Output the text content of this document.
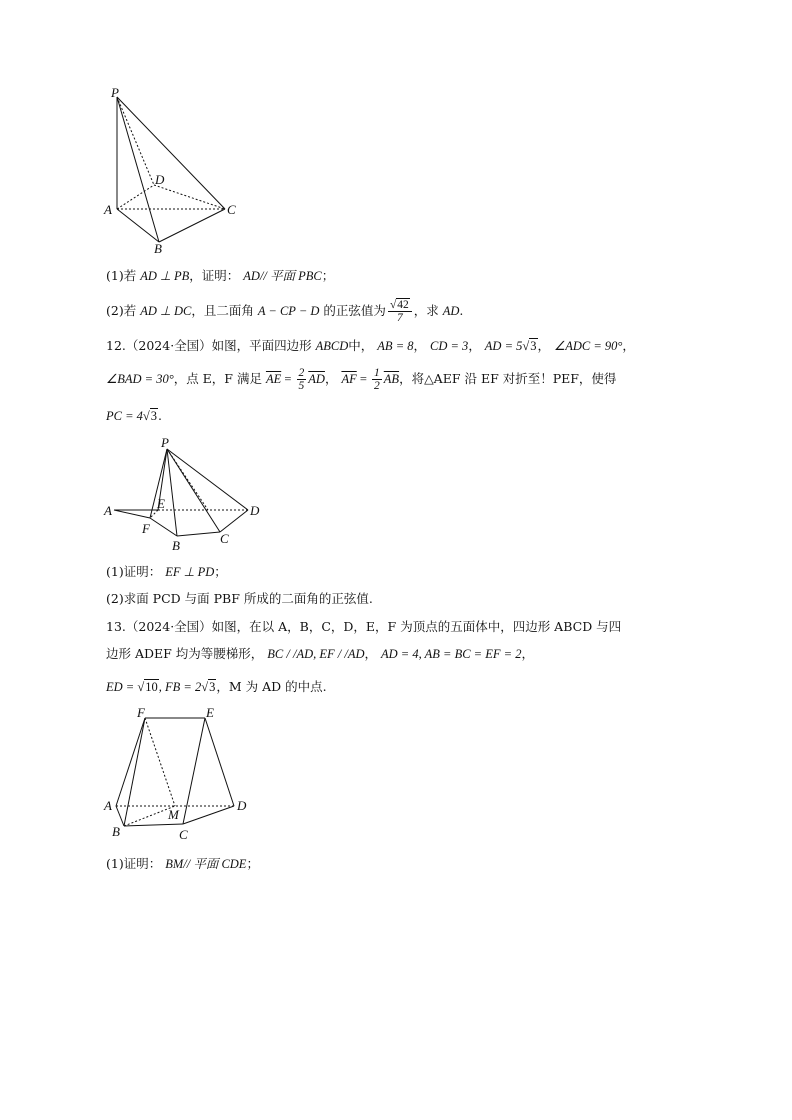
P
D
A	C
B
(1)若 AD ⊥ PB，证明： AD// 平面 PBC；
(2)若 AD ⊥ DC，且二面角 A − CP − D 的正弦值为 $\frac{√42}{7}$ ，求 AD.
12.（2024·全国）如图，平面四边形 ABCD中， AB = 8， CD = 3， AD = 5√3， ∠ADC = 90°，
∠BAD = 30°，点 E，F 满足 $\overline{AE} = \frac{2}{5} \overline{AD}$， $\overline{AF} = \frac{1}{2} \overline{AB}$，将△AEF 沿 EF 对折至！PEF，使得
PC = 4√3.
P
A	E	D
F
B	C
(1)证明： EF ⊥ PD；
(2)求面 PCD 与面 PBF 所成的二面角的正弦值.
13.（2024·全国）如图，在以 A，B，C，D，E，F 为顶点的五面体中，四边形 ABCD 与四
边形 ADEF 均为等腰梯形， BC / /AD, EF / /AD， AD = 4, AB = BC = EF = 2，
ED = √10, FB = 2√3，M 为 AD 的中点.
F	E
A
M
D
B	C
(1)证明： BM// 平面 CDE；
